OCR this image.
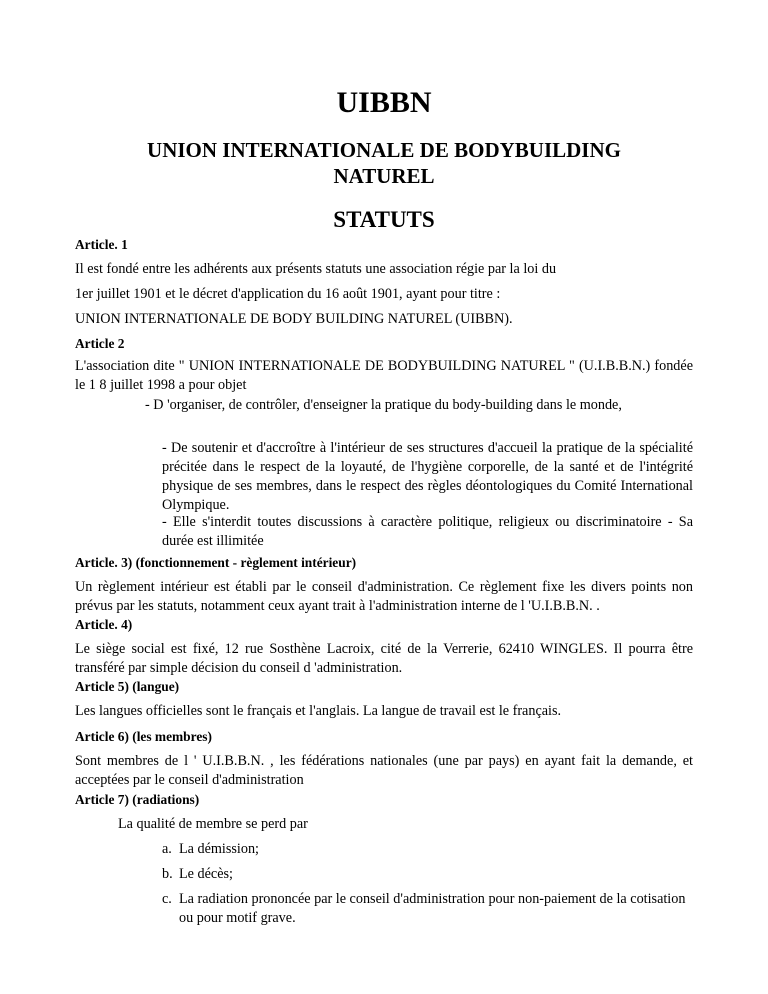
UIBBN
UNION INTERNATIONALE DE BODYBUILDING
NATUREL
STATUTS
Article. 1
Il est fondé entre les adhérents aux présents statuts une association régie par la loi du
1er juillet 1901 et le décret d'application du 16 août 1901, ayant pour titre :
UNION INTERNATIONALE DE BODY BUILDING NATUREL (UIBBN).
Article 2
L'association dite " UNION INTERNATIONALE DE BODYBUILDING NATUREL " (U.I.B.B.N.) fondée le 1 8 juillet 1998 a pour objet
- D 'organiser, de contrôler, d'enseigner la pratique du body-building dans le monde,
- De soutenir et d'accroître à l'intérieur de ses structures d'accueil la pratique de la spécialité précitée dans le respect de la loyauté, de l'hygiène corporelle, de la santé et de l'intégrité physique de ses membres, dans le respect des règles déontologiques du Comité International Olympique.
- Elle s'interdit toutes discussions à caractère politique, religieux ou discriminatoire - Sa durée est illimitée
Article. 3) (fonctionnement - règlement intérieur)
Un règlement intérieur est établi par le conseil d'administration. Ce règlement fixe les divers points non prévus par les statuts, notamment ceux ayant trait à l'administration interne de l 'U.I.B.B.N. .
Article. 4)
Le siège social est fixé, 12 rue Sosthène Lacroix, cité de la Verrerie, 62410 WINGLES. Il pourra être transféré par simple décision du conseil d 'administration.
Article 5) (langue)
Les langues officielles sont le français et l'anglais. La langue de travail est le français.
Article 6) (les membres)
Sont membres de l ' U.I.B.B.N. , les fédérations nationales (une par pays) en ayant fait la demande, et acceptées par le conseil d'administration
Article 7) (radiations)
La qualité de membre se perd par
a. La démission;
b. Le décès;
c. La radiation prononcée par le conseil d'administration pour non-paiement de la cotisation ou pour motif grave.
